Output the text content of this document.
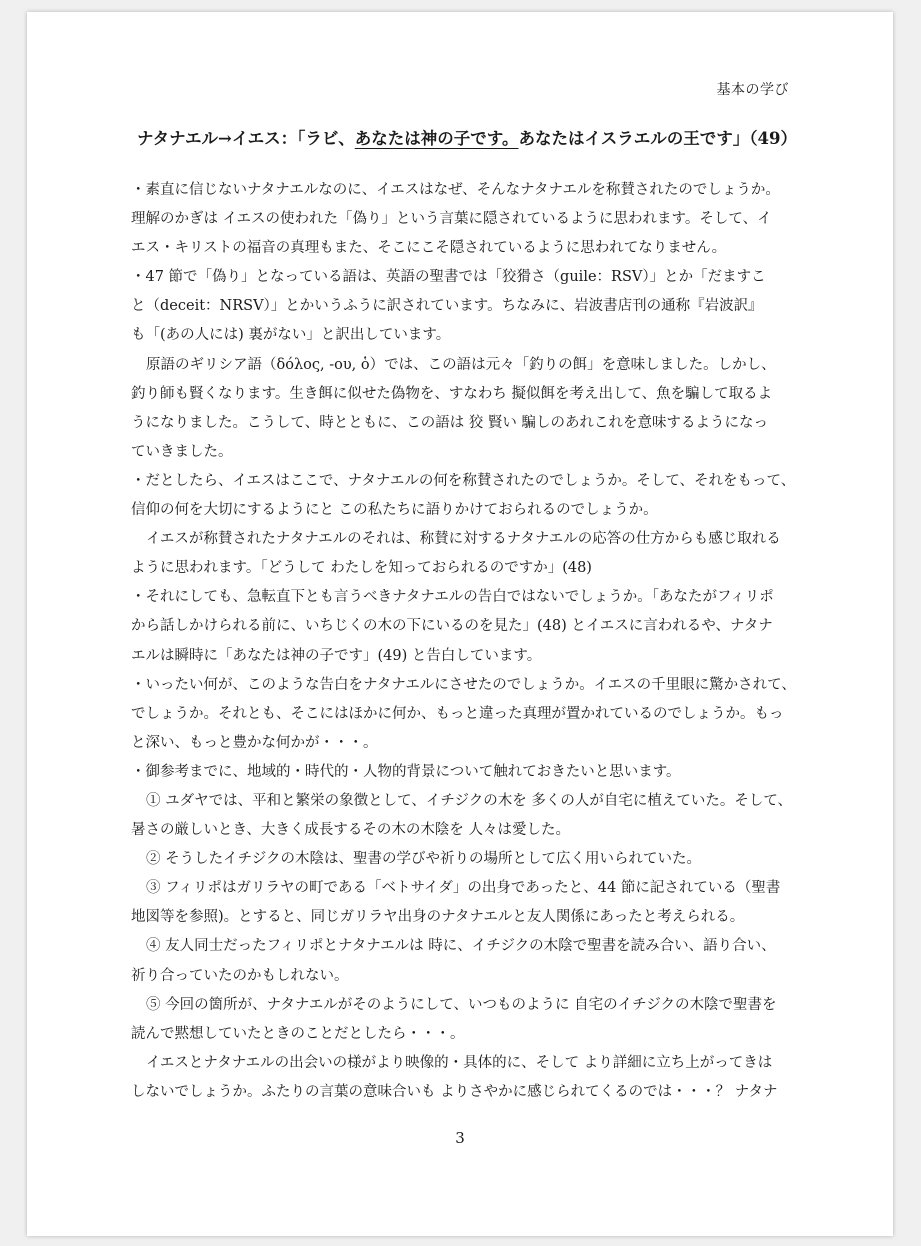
基本の学び
ナタナエル→イエス：「ラビ、あなたは神の子です。あなたはイスラエルの王です」（49）
・素直に信じないナタナエルなのに、イエスはなぜ、そんなナタナエルを称賛されたのでしょうか。
理解のかぎは イエスの使われた「偽り」という言葉に隠されているように思われます。そして、イ
エス・キリストの福音の真理もまた、そこにこそ隠されているように思われてなりません。
・47 節で「偽り」となっている語は、英語の聖書では「狡猾さ（guile：RSV）」とか「だますこ
と（deceit：NRSV）」とかいうふうに訳されています。ちなみに、岩波書店刊の通称『岩波訳』
も「(あの人には) 裏がない」と訳出しています。
原語のギリシア語（δόλος, -ου, ὁ）では、この語は元々「釣りの餌」を意味しました。しかし、
釣り師も賢くなります。生き餌に似せた偽物を、すなわち 擬似餌を考え出して、魚を騙して取るよ
うになりました。こうして、時とともに、この語は 狡 賢い 騙しのあれこれを意味するようになっ
ていきました。
・だとしたら、イエスはここで、ナタナエルの何を称賛されたのでしょうか。そして、それをもって、
信仰の何を大切にするようにと この私たちに語りかけておられるのでしょうか。
イエスが称賛されたナタナエルのそれは、称賛に対するナタナエルの応答の仕方からも感じ取れる
ように思われます。「どうして わたしを知っておられるのですか」(48)
・それにしても、急転直下とも言うべきナタナエルの告白ではないでしょうか。「あなたがフィリポ
から話しかけられる前に、いちじくの木の下にいるのを見た」(48) とイエスに言われるや、ナタナ
エルは瞬時に「あなたは神の子です」(49) と告白しています。
・いったい何が、このような告白をナタナエルにさせたのでしょうか。イエスの千里眼に驚かされて、
でしょうか。それとも、そこにはほかに何か、もっと違った真理が置かれているのでしょうか。もっ
と深い、もっと豊かな何かが・・・。
・御参考までに、地域的・時代的・人物的背景について触れておきたいと思います。
① ユダヤでは、平和と繁栄の象徴として、イチジクの木を 多くの人が自宅に植えていた。そして、
暑さの厳しいとき、大きく成長するその木の木陰を 人々は愛した。
② そうしたイチジクの木陰は、聖書の学びや祈りの場所として広く用いられていた。
③ フィリポはガリラヤの町である「ベトサイダ」の出身であったと、44 節に記されている（聖書
地図等を参照)。とすると、同じガリラヤ出身のナタナエルと友人関係にあったと考えられる。
④ 友人同士だったフィリポとナタナエルは 時に、イチジクの木陰で聖書を読み合い、語り合い、
祈り合っていたのかもしれない。
⑤ 今回の箇所が、ナタナエルがそのようにして、いつものように 自宅のイチジクの木陰で聖書を
読んで黙想していたときのことだとしたら・・・。
イエスとナタナエルの出会いの様がより映像的・具体的に、そして より詳細に立ち上がってきは
しないでしょうか。ふたりの言葉の意味合いも よりさやかに感じられてくるのでは・・・？ ナタナ
3
